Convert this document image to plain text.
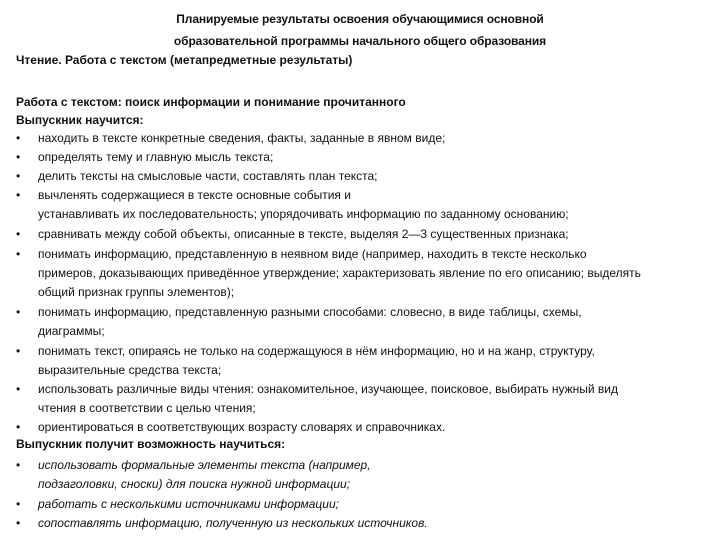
Планируемые результаты освоения обучающимися основной
образовательной программы начального общего образования
Чтение. Работа с текстом (метапредметные результаты)
Работа с текстом: поиск информации и понимание прочитанного
Выпускник научится:
•	находить в тексте конкретные сведения, факты, заданные в явном виде;
•	определять тему и главную мысль текста;
•	делить тексты на смысловые части, составлять план текста;
•	вычленять содержащиеся в тексте основные события и
устанавливать их последовательность; упорядочивать информацию по заданному основанию;
•	сравнивать между собой объекты, описанные в тексте, выделяя 2—3 существенных признака;
•	понимать информацию, представленную в неявном виде (например, находить в тексте несколько
примеров, доказывающих приведённое утверждение; характеризовать явление по его описанию; выделять
общий признак группы элементов);
•	понимать информацию, представленную разными способами: словесно, в виде таблицы, схемы,
диаграммы;
•	понимать текст, опираясь не только на содержащуюся в нём информацию, но и на жанр, структуру,
выразительные средства текста;
•	использовать различные виды чтения: ознакомительное, изучающее, поисковое, выбирать нужный вид
чтения в соответствии с целью чтения;
•	ориентироваться в соответствующих возрасту словарях и справочниках.
Выпускник получит возможность научиться:
•	использовать формальные элементы текста (например,
подзаголовки, сноски) для поиска нужной информации;
•	работать с несколькими источниками информации;
•	сопоставлять информацию, полученную из нескольких источников.
